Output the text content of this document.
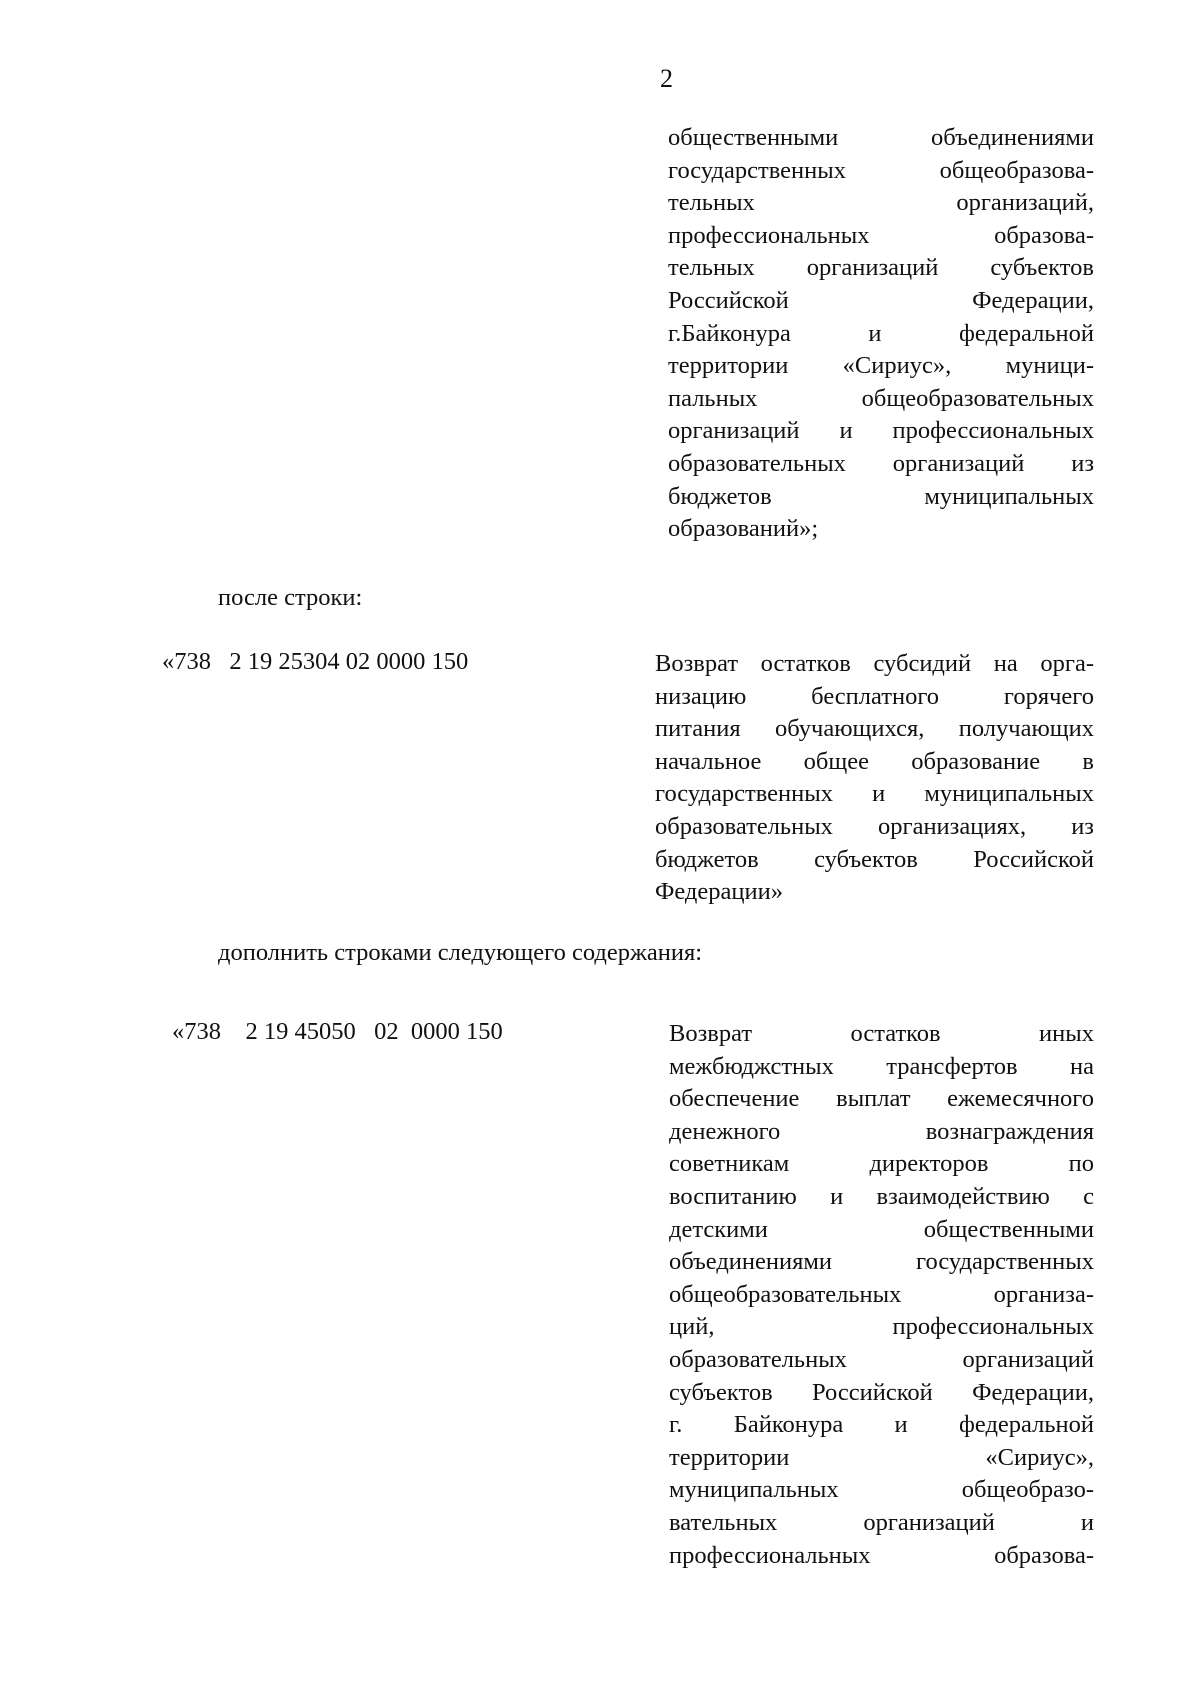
2
общественными объединениями
государственных общеобразова-
тельных организаций,
профессиональных образова-
тельных организаций субъектов
Российской Федерации,
г.Байконура и федеральной
территории «Сириус», муници-
пальных общеобразовательных
организаций и профессиональных
образовательных организаций из
бюджетов муниципальных
образований»;
после строки:
«738   2 19 25304 02 0000 150	Возврат остатков субсидий на орга-
низацию бесплатного горячего
питания обучающихся, получающих
начальное общее образование в
государственных и муниципальных
образовательных организациях, из
бюджетов субъектов Российской
Федерации»
дополнить строками следующего содержания:
«738    2 19 45050   02  0000 150	Возврат остатков иных
межбюджстных трансфертов на
обеспечение выплат ежемесячного
денежного вознаграждения
советникам директоров по
воспитанию и взаимодействию с
детскими общественными
объединениями государственных
общеобразовательных организа-
ций, профессиональных
образовательных организаций
субъектов Российской Федерации,
г. Байконура и федеральной
территории «Сириус»,
муниципальных общеобразо-
вательных организаций и
профессиональных образова-
